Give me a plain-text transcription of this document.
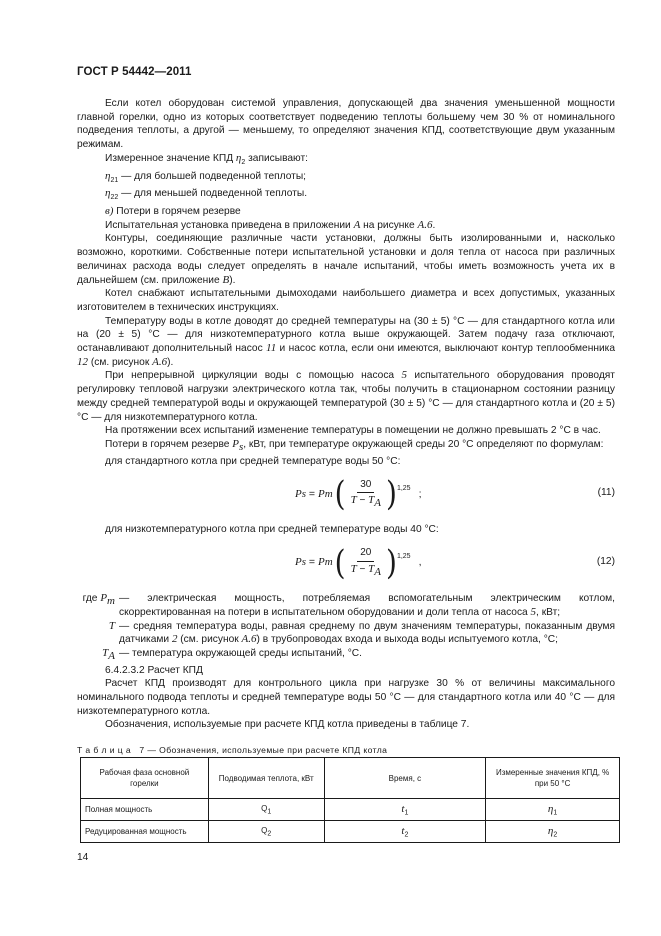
ГОСТ Р 54442—2011

Если котел оборудован системой управления, допускающей два значения уменьшенной мощности главной горелки, одно из которых соответствует подведению теплоты большему чем 30 % от номинального подведения теплоты, а другой — меньшему, то определяют значения КПД, соответствующие двум указанным режимам.

Измеренное значение КПД $\eta_2$ записывают:

$\eta_{21}$ — для большей подведенной теплоты;

$\eta_{22}$ — для меньшей подведенной теплоты.

в) Потери в горячем резерве

Испытательная установка приведена в приложении А на рисунке А.6.

Контуры, соединяющие различные части установки, должны быть изолированными и, насколько возможно, короткими. Собственные потери испытательной установки и доля тепла от насоса при различных величинах расхода воды следует определять в начале испытаний, чтобы иметь возможность учета их в дальнейшем (см. приложение В).

Котел снабжают испытательными дымоходами наибольшего диаметра и всех допустимых, указанных изготовителем в технических инструкциях.

Температуру воды в котле доводят до средней температуры на (30 ± 5) °С — для стандартного котла или на (20 ± 5) °С — для низкотемпературного котла выше окружающей. Затем подачу газа отключают, останавливают дополнительный насос 11 и насос котла, если они имеются, выключают контур теплообменника 12 (см. рисунок А.6).

При непрерывной циркуляции воды с помощью насоса 5 испытательного оборудования проводят регулировку тепловой нагрузки электрического котла так, чтобы получить в стационарном состоянии разницу между средней температурой воды и окружающей температурой (30 ± 5) °С — для стандартного котла и (20 ± 5) °С — для низкотемпературного котла.

На протяжении всех испытаний изменение температуры в помещении не должно превышать 2 °С в час.

Потери в горячем резерве $P_s$, кВт, при температуре окружающей среды 20 °С определяют по формулам:

для стандартного котла при средней температуре воды 50 °С:

P s = P m ( $\frac{30}{T - T_A}$ ) 1,25 ;	(11)

для низкотемпературного котла при средней температуре воды 40 °С:

P s = P m ( $\frac{20}{T - T_A}$ ) 1,25 ,	(12)
где $P_m$ — электрическая мощность, потребляемая вспомогательным электрическим котлом, скорректированная на потери в испытательном оборудовании и доли тепла от насоса 5, кВт;
T — средняя температура воды, равная среднему по двум значениям температуры, показанным двумя датчиками 2 (см. рисунок А.6) в трубопроводах входа и выхода воды испытуемого котла, °С;
$T_A$ — температура окружающей среды испытаний, °С.

6.4.2.3.2 Расчет КПД

Расчет КПД производят для контрольного цикла при нагрузке 30 % от величины максимального номинального подвода теплоты и средней температуре воды 50 °С — для стандартного котла или 40 °С — для низкотемпературного котла.

Обозначения, используемые при расчете КПД котла приведены в таблице 7.

Т а б л и ц а   7 — Обозначения, используемые при расчете КПД котла
Рабочая фаза основной горелки	Подводимая теплота, кВт	Время, с	Измеренные значения КПД, % при 50 °С
Полная мощность	$Q_1$	$t_1$	$\eta_1$
Редуцированная мощность	$Q_2$	$t_2$	$\eta_2$
14
